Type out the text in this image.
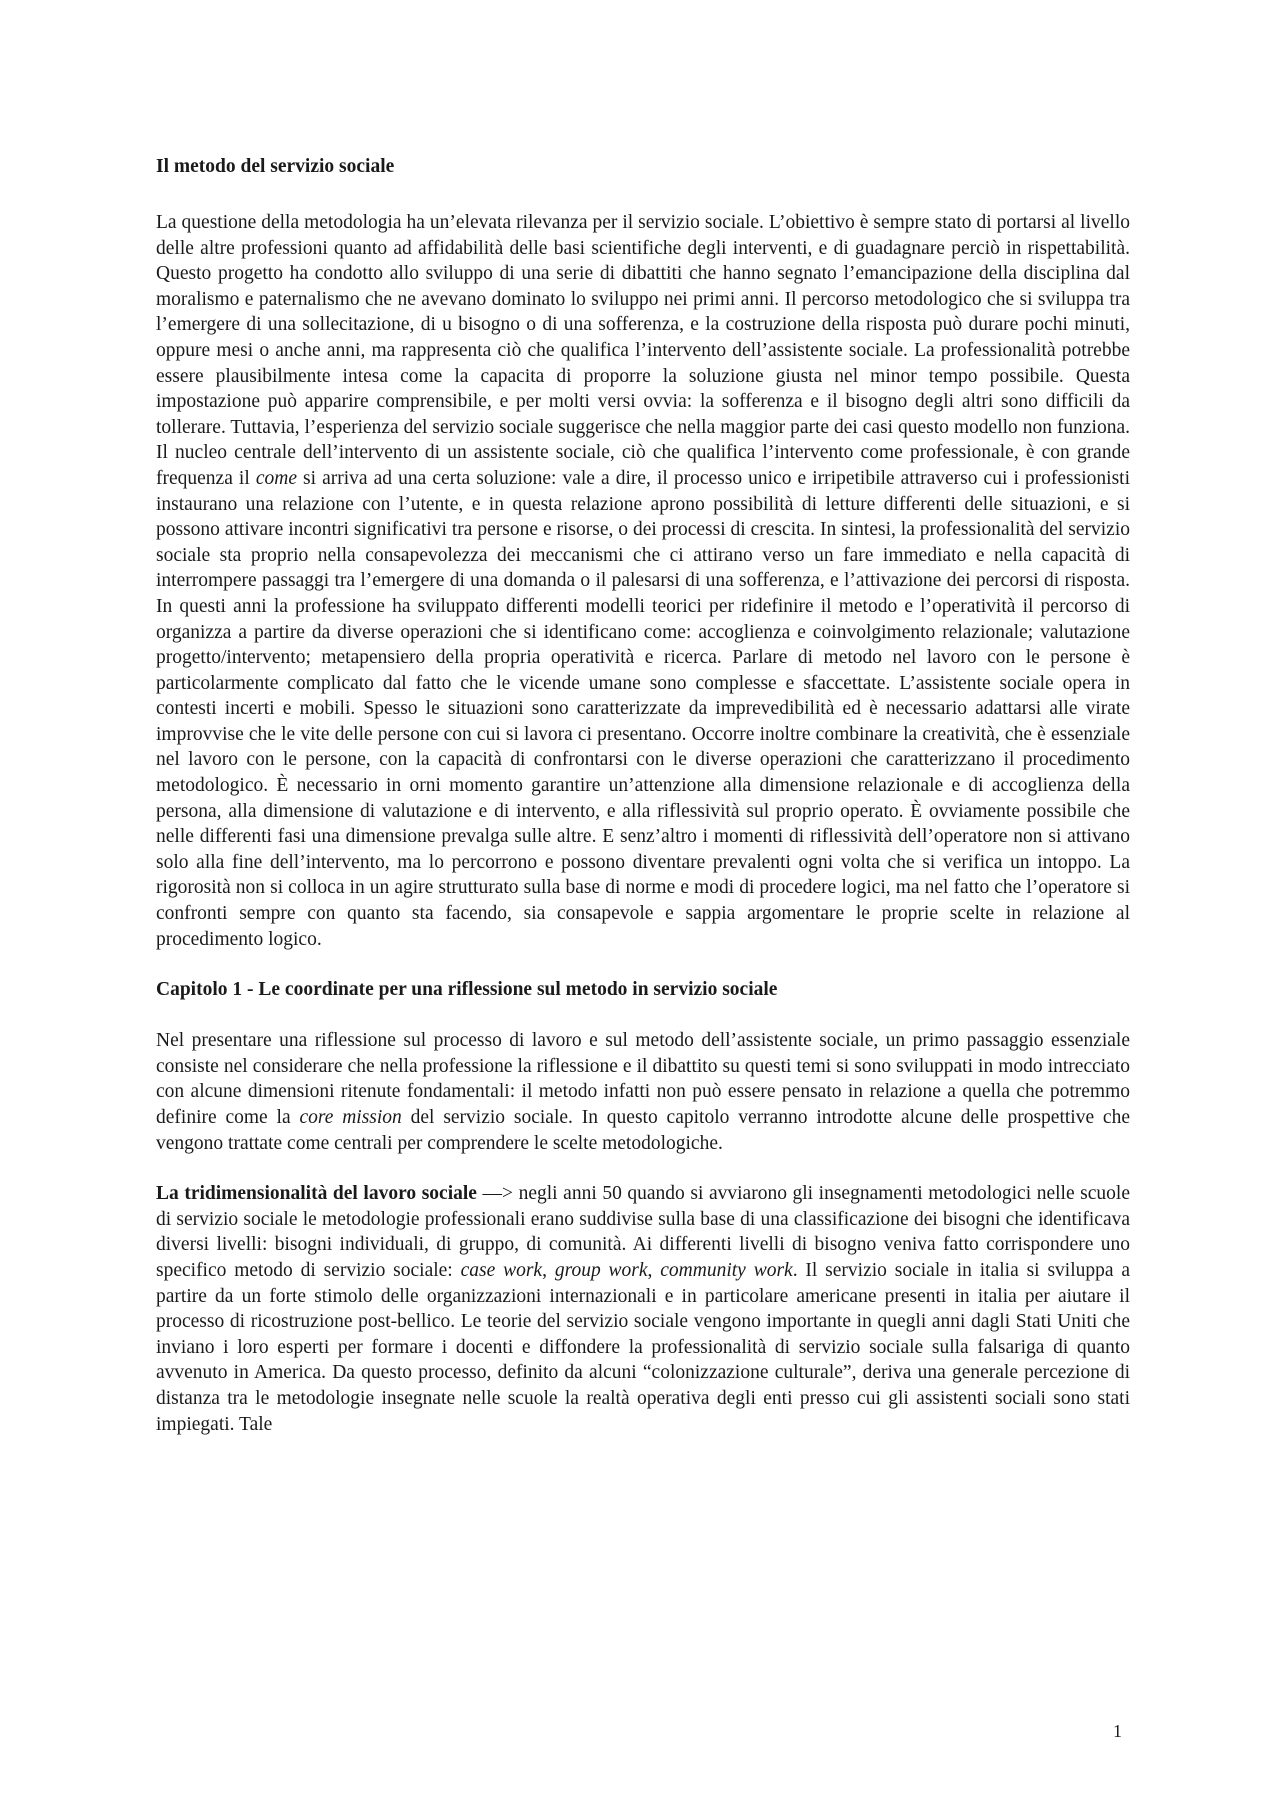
Il metodo del servizio sociale

La questione della metodologia ha un’elevata rilevanza per il servizio sociale. L’obiettivo è sempre stato di portarsi al livello delle altre professioni quanto ad affidabilità delle basi scientifiche degli interventi, e di guadagnare perciò in rispettabilità. Questo progetto ha condotto allo sviluppo di una serie di dibattiti che hanno segnato l’emancipazione della disciplina dal moralismo e paternalismo che ne avevano dominato lo sviluppo nei primi anni. Il percorso metodologico che si sviluppa tra l’emergere di una sollecitazione, di u bisogno o di una sofferenza, e la costruzione della risposta può durare pochi minuti, oppure mesi o anche anni, ma rappresenta ciò che qualifica l’intervento dell’assistente sociale. La professionalità potrebbe essere plausibilmente intesa come la capacita di proporre la soluzione giusta nel minor tempo possibile. Questa impostazione può apparire comprensibile, e per molti versi ovvia: la sofferenza e il bisogno degli altri sono difficili da tollerare. Tuttavia, l’esperienza del servizio sociale suggerisce che nella maggior parte dei casi questo modello non funziona. Il nucleo centrale dell’intervento di un assistente sociale, ciò che qualifica l’intervento come professionale, è con grande frequenza il come si arriva ad una certa soluzione: vale a dire, il processo unico e irripetibile attraverso cui i professionisti instaurano una relazione con l’utente, e in questa relazione aprono possibilità di letture differenti delle situazioni, e si possono attivare incontri significativi tra persone e risorse, o dei processi di crescita. In sintesi, la professionalità del servizio sociale sta proprio nella consapevolezza dei meccanismi che ci attirano verso un fare immediato e nella capacità di interrompere passaggi tra l’emergere di una domanda o il palesarsi di una sofferenza, e l’attivazione dei percorsi di risposta. In questi anni la professione ha sviluppato differenti modelli teorici per ridefinire il metodo e l’operatività il percorso di organizza a partire da diverse operazioni che si identificano come: accoglienza e coinvolgimento relazionale; valutazione progetto/intervento; metapensiero della propria operatività e ricerca. Parlare di metodo nel lavoro con le persone è particolarmente complicato dal fatto che le vicende umane sono complesse e sfaccettate. L’assistente sociale opera in contesti incerti e mobili. Spesso le situazioni sono caratterizzate da imprevedibilità ed è necessario adattarsi alle virate improvvise che le vite delle persone con cui si lavora ci presentano. Occorre inoltre combinare la creatività, che è essenziale nel lavoro con le persone, con la capacità di confrontarsi con le diverse operazioni che caratterizzano il procedimento metodologico. È necessario in orni momento garantire un’attenzione alla dimensione relazionale e di accoglienza della persona, alla dimensione di valutazione e di intervento, e alla riflessività sul proprio operato. È ovviamente possibile che nelle differenti fasi una dimensione prevalga sulle altre. E senz’altro i momenti di riflessività dell’operatore non si attivano solo alla fine dell’intervento, ma lo percorrono e possono diventare prevalenti ogni volta che si verifica un intoppo. La rigorosità non si colloca in un agire strutturato sulla base di norme e modi di procedere logici, ma nel fatto che l’operatore si confronti sempre con quanto sta facendo, sia consapevole e sappia argomentare le proprie scelte in relazione al procedimento logico.

Capitolo 1 - Le coordinate per una riflessione sul metodo in servizio sociale

Nel presentare una riflessione sul processo di lavoro e sul metodo dell’assistente sociale, un primo passaggio essenziale consiste nel considerare che nella professione la riflessione e il dibattito su questi temi si sono sviluppati in modo intrecciato con alcune dimensioni ritenute fondamentali: il metodo infatti non può essere pensato in relazione a quella che potremmo definire come la core mission del servizio sociale. In questo capitolo verranno introdotte alcune delle prospettive che vengono trattate come centrali per comprendere le scelte metodologiche.

La tridimensionalità del lavoro sociale —> negli anni 50 quando si avviarono gli insegnamenti metodologici nelle scuole di servizio sociale le metodologie professionali erano suddivise sulla base di una classificazione dei bisogni che identificava diversi livelli: bisogni individuali, di gruppo, di comunità. Ai differenti livelli di bisogno veniva fatto corrispondere uno specifico metodo di servizio sociale: case work, group work, community work. Il servizio sociale in italia si sviluppa a partire da un forte stimolo delle organizzazioni internazionali e in particolare americane presenti in italia per aiutare il processo di ricostruzione post-bellico. Le teorie del servizio sociale vengono importante in quegli anni dagli Stati Uniti che inviano i loro esperti per formare i docenti e diffondere la professionalità di servizio sociale sulla falsariga di quanto avvenuto in America. Da questo processo, definito da alcuni “colonizzazione culturale”, deriva una generale percezione di distanza tra le metodologie insegnate nelle scuole la realtà operativa degli enti presso cui gli assistenti sociali sono stati impiegati. Tale

1
